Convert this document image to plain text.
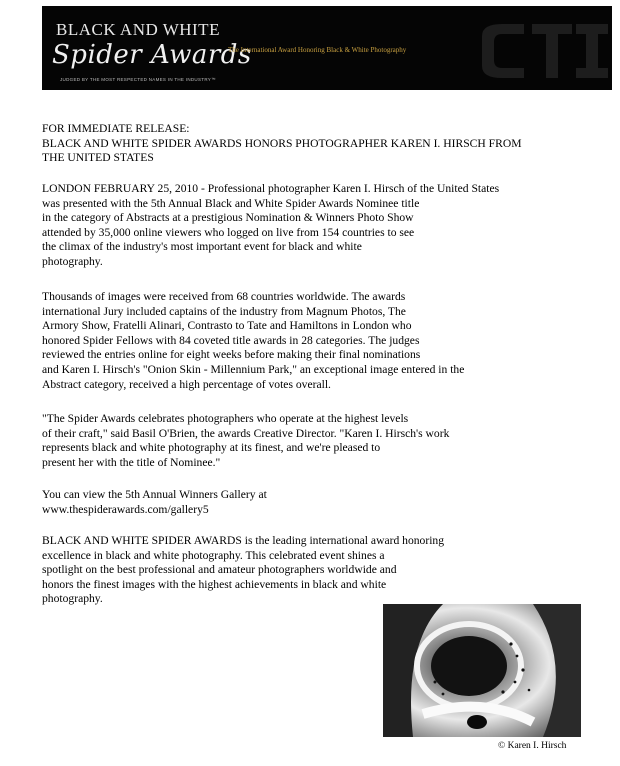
BLACK AND WHITE
Spider Awards
JUDGED BY THE MOST RESPECTED NAMES IN THE INDUSTRY™
The International Award Honoring Black & White Photography
FOR IMMEDIATE RELEASE:
BLACK AND WHITE SPIDER AWARDS HONORS PHOTOGRAPHER KAREN I. HIRSCH FROM
THE UNITED STATES
LONDON FEBRUARY 25, 2010 - Professional photographer Karen I. Hirsch of the United States
was presented with the 5th Annual Black and White Spider Awards Nominee title
in the category of Abstracts at a prestigious Nomination & Winners Photo Show
attended by 35,000 online viewers who logged on live from 154 countries to see
the climax of the industry's most important event for black and white
photography.
Thousands of images were received from 68 countries worldwide. The awards
international Jury included captains of the industry from Magnum Photos, The
Armory Show, Fratelli Alinari, Contrasto to Tate and Hamiltons in London who
honored Spider Fellows with 84 coveted title awards in 28 categories. The judges
reviewed the entries online for eight weeks before making their final nominations
and Karen I. Hirsch's "Onion Skin - Millennium Park," an exceptional image entered in the
Abstract category, received a high percentage of votes overall.
"The Spider Awards celebrates photographers who operate at the highest levels
of their craft," said Basil O'Brien, the awards Creative Director. "Karen I. Hirsch's work
represents black and white photography at its finest, and we're pleased to
present her with the title of Nominee."
You can view the 5th Annual Winners Gallery at
www.thespiderawards.com/gallery5
BLACK AND WHITE SPIDER AWARDS is the leading international award honoring
excellence in black and white photography. This celebrated event shines a
spotlight on the best professional and amateur photographers worldwide and
honors the finest images with the highest achievements in black and white
photography.
© Karen I. Hirsch
